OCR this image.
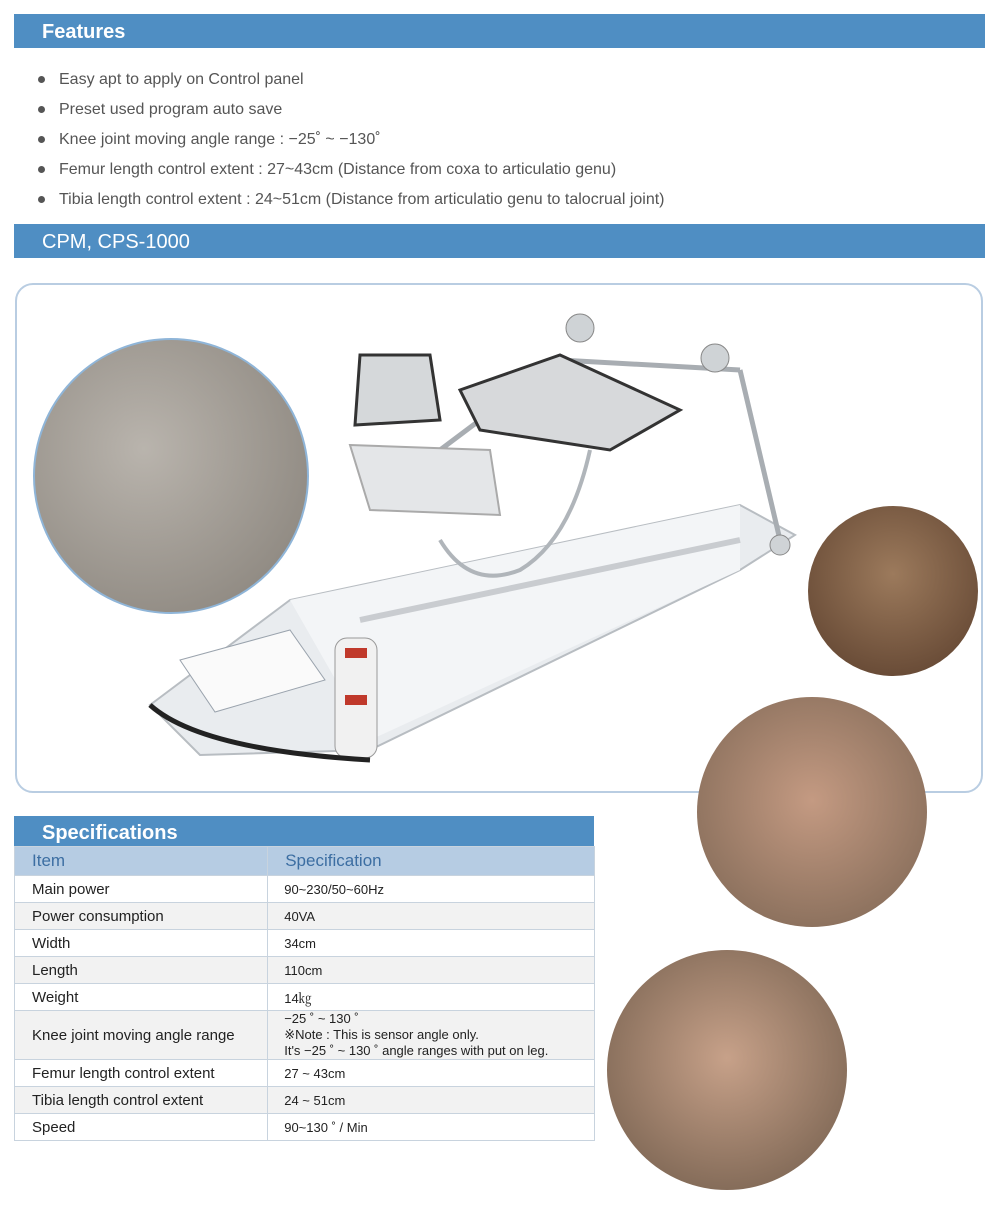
Features
Easy apt to apply on Control panel
Preset used program auto save
Knee joint moving angle range : −25˚ ~ −130˚
Femur length control extent : 27~43cm (Distance from coxa to articulatio genu)
Tibia length control extent : 24~51cm (Distance from articulatio genu to talocrual joint)
CPM, CPS-1000
Specifications
Item	Specification
Main power	90~230/50~60Hz
Power consumption	40VA
Width	34cm
Length	110cm
Weight	14㎏
Knee joint moving angle range	−25 ˚ ~ 130 ˚
※Note : This is sensor angle only.
It's −25 ˚ ~ 130 ˚ angle ranges with put on leg.

Femur length control extent	27 ~ 43cm
Tibia length control extent	24 ~ 51cm
Speed	90~130 ˚ / Min
